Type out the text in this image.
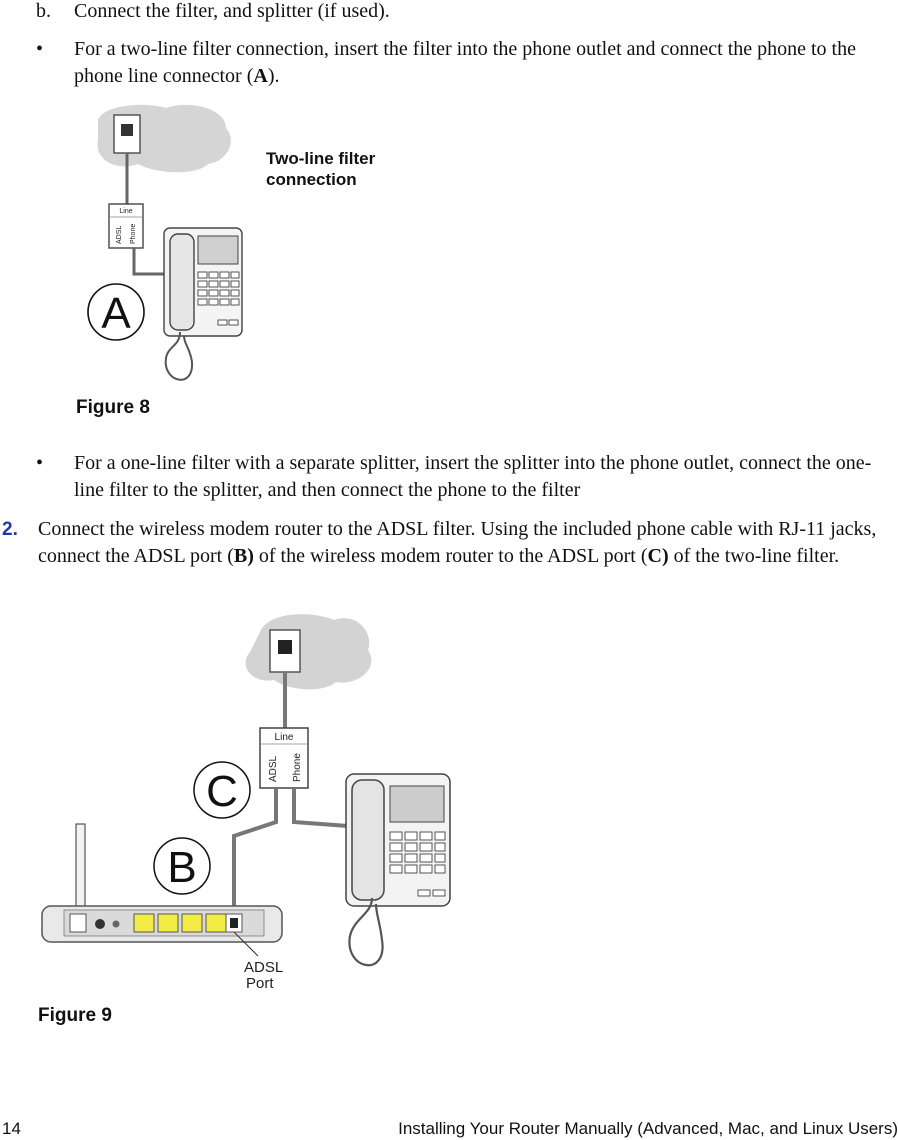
b. Connect the filter, and splitter (if used).
• For a two-line filter connection, insert the filter into the phone outlet and connect the phone to the phone line connector (A).
Line
ADSL Phone
A
Two-line filter connection
Figure 8
• For a one-line filter with a separate splitter, insert the splitter into the phone outlet, connect the one-line filter to the splitter, and then connect the phone to the filter
2. Connect the wireless modem router to the ADSL filter. Using the included phone cable with RJ-11 jacks, connect the ADSL port (B) of the wireless modem router to the ADSL port (C) of the two-line filter.
Line
ADSL Phone
ADSL
Port
C
B
Figure 9
14	Installing Your Router Manually (Advanced, Mac, and Linux Users)
